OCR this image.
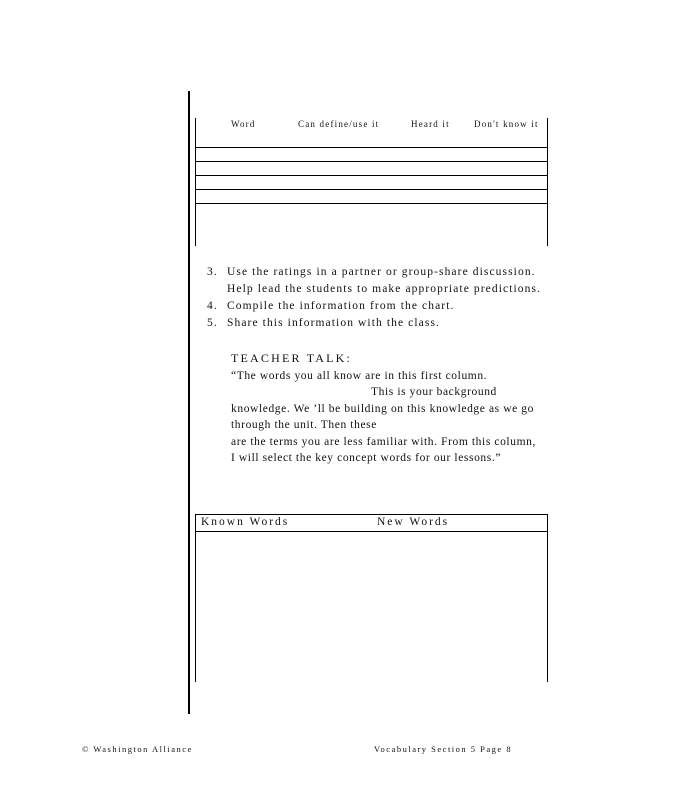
Word	Can define/use it	Heard it	Don't know it
3. Use the ratings in a partner or group-share discussion. Help lead the students to make appropriate predictions.
4. Compile the information from the chart.
5. Share this information with the class.
TEACHER TALK:
“The words you all know are in this first column.
This is your background
knowledge. We ’ll be building on this knowledge as we go
through the unit. Then these
are the terms you are less familiar with. From this column,
I will select the key concept words for our lessons.”
Known Words	New Words
© Washington Alliance	Vocabulary Section 5 Page 8
